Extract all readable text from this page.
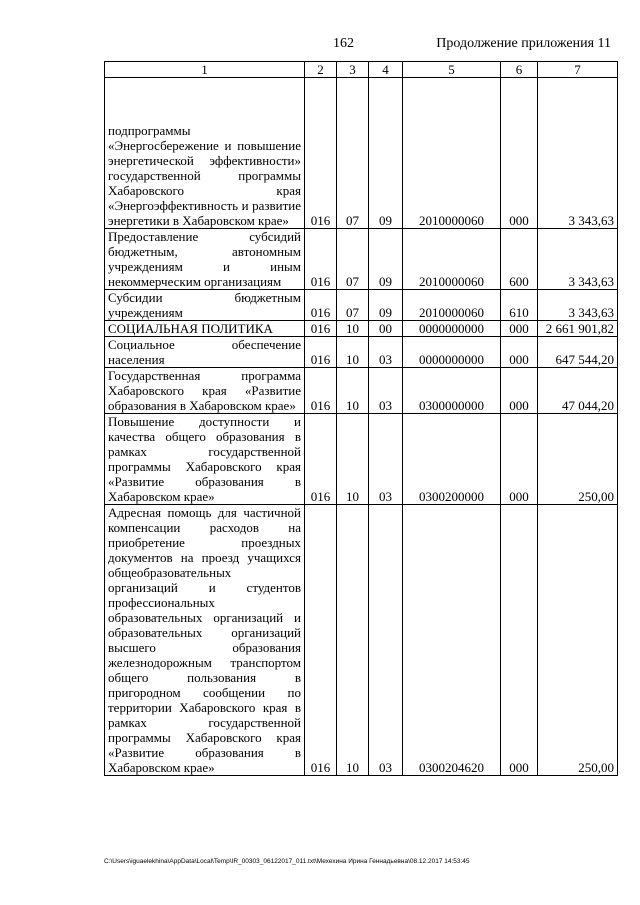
162	Продолжение приложения 11
1	2	3	4	5	6	7
подпрограммы «Энергосбережение и повышение энергетической эффективности» государственной программы Хабаровского края «Энергоэффективность и развитие энергетики в Хабаровском крае»	016	07	09	2010000060	000	3 343,63
Предоставление субсидий бюджетным, автономным учреждениям и иным некоммерческим организациям	016	07	09	2010000060	600	3 343,63
Субсидии бюджетным учреждениям	016	07	09	2010000060	610	3 343,63
СОЦИАЛЬНАЯ ПОЛИТИКА	016	10	00	0000000000	000	2 661 901,82
Социальное обеспечение населения	016	10	03	0000000000	000	647 544,20
Государственная программа Хабаровского края «Развитие образования в Хабаровском крае»	016	10	03	0300000000	000	47 044,20
Повышение доступности и качества общего образования в рамках государственной программы Хабаровского края «Развитие образования в Хабаровском крае»	016	10	03	0300200000	000	250,00
Адресная помощь для частичной компенсации расходов на приобретение проездных документов на проезд учащихся общеобразовательных организаций и студентов профессиональных образовательных организаций и образовательных организаций высшего образования железнодорожным транспортом общего пользования в пригородном сообщении по территории Хабаровского края в рамках государственной программы Хабаровского края «Развитие образования в Хабаровском крае»	016	10	03	0300204620	000	250,00
C:\Users\iguaelekhina\AppData\Local\Temp\IR_00303_06122017_011.txt\Мехехина Ирина Геннадьевна\08.12.2017 14:53:45
